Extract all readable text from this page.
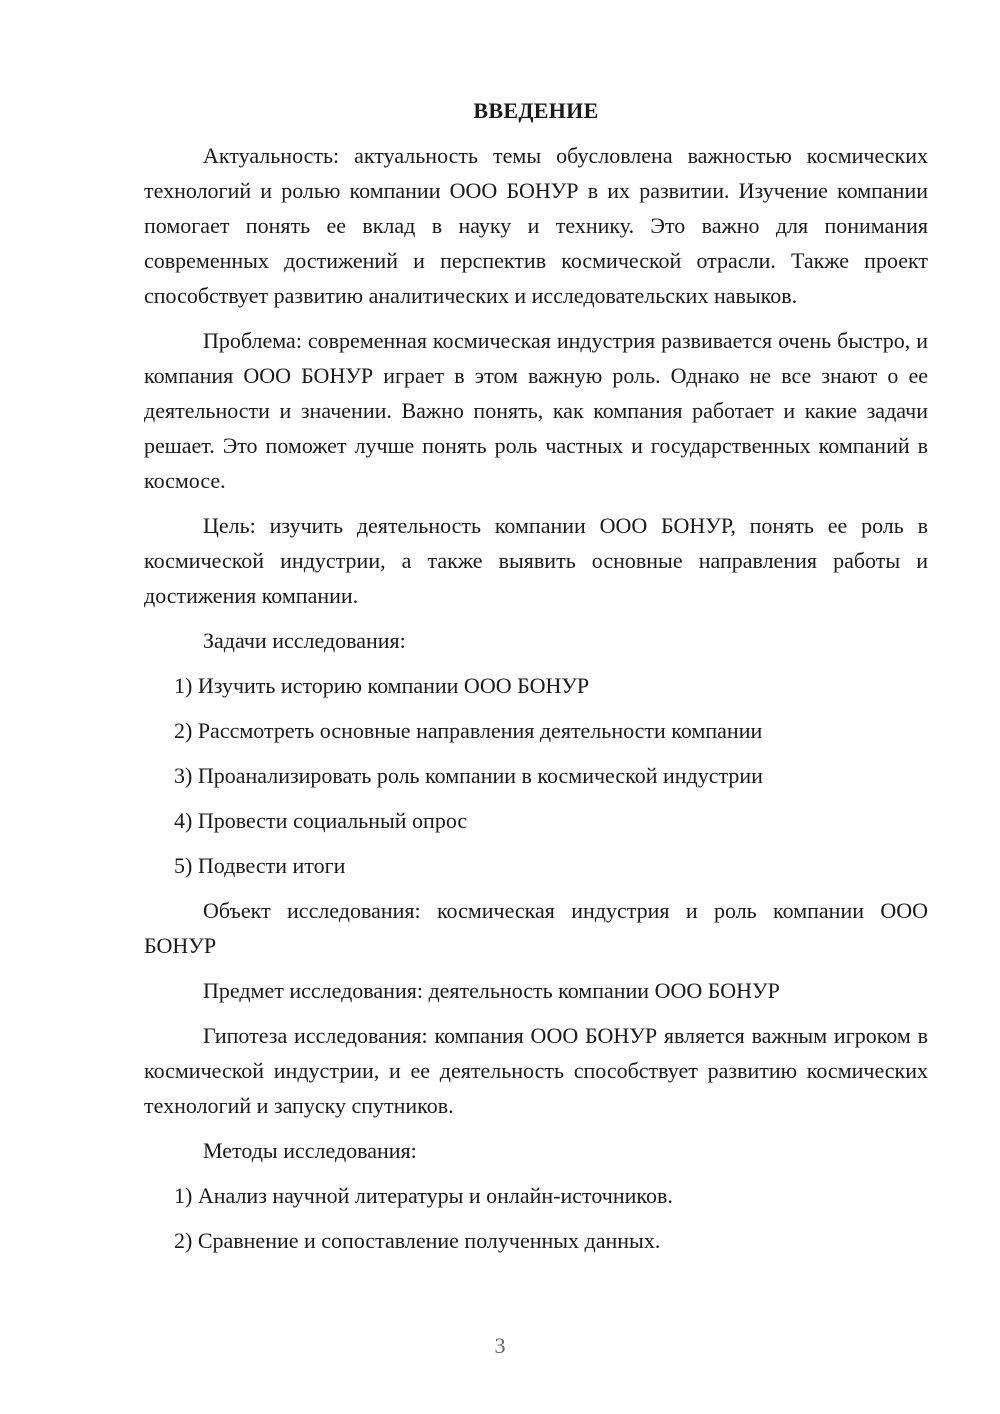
ВВЕДЕНИЕ

Актуальность: актуальность темы обусловлена важностью космических технологий и ролью компании ООО БОНУР в их развитии. Изучение компании помогает понять ее вклад в науку и технику. Это важно для понимания современных достижений и перспектив космической отрасли. Также проект способствует развитию аналитических и исследовательских навыков.

Проблема: современная космическая индустрия развивается очень быстро, и компания ООО БОНУР играет в этом важную роль. Однако не все знают о ее деятельности и значении. Важно понять, как компания работает и какие задачи решает. Это поможет лучше понять роль частных и государственных компаний в космосе.

Цель: изучить деятельность компании ООО БОНУР, понять ее роль в космической индустрии, а также выявить основные направления работы и достижения компании.

Задачи исследования:

1) Изучить историю компании ООО БОНУР
2) Рассмотреть основные направления деятельности компании
3) Проанализировать роль компании в космической индустрии
4) Провести социальный опрос
5) Подвести итоги

Объект исследования: космическая индустрия и роль компании ООО БОНУР

Предмет исследования: деятельность компании ООО БОНУР

Гипотеза исследования: компания ООО БОНУР является важным игроком в космической индустрии, и ее деятельность способствует развитию космических технологий и запуску спутников.

Методы исследования:

1) Анализ научной литературы и онлайн-источников.
2) Сравнение и сопоставление полученных данных.
3
